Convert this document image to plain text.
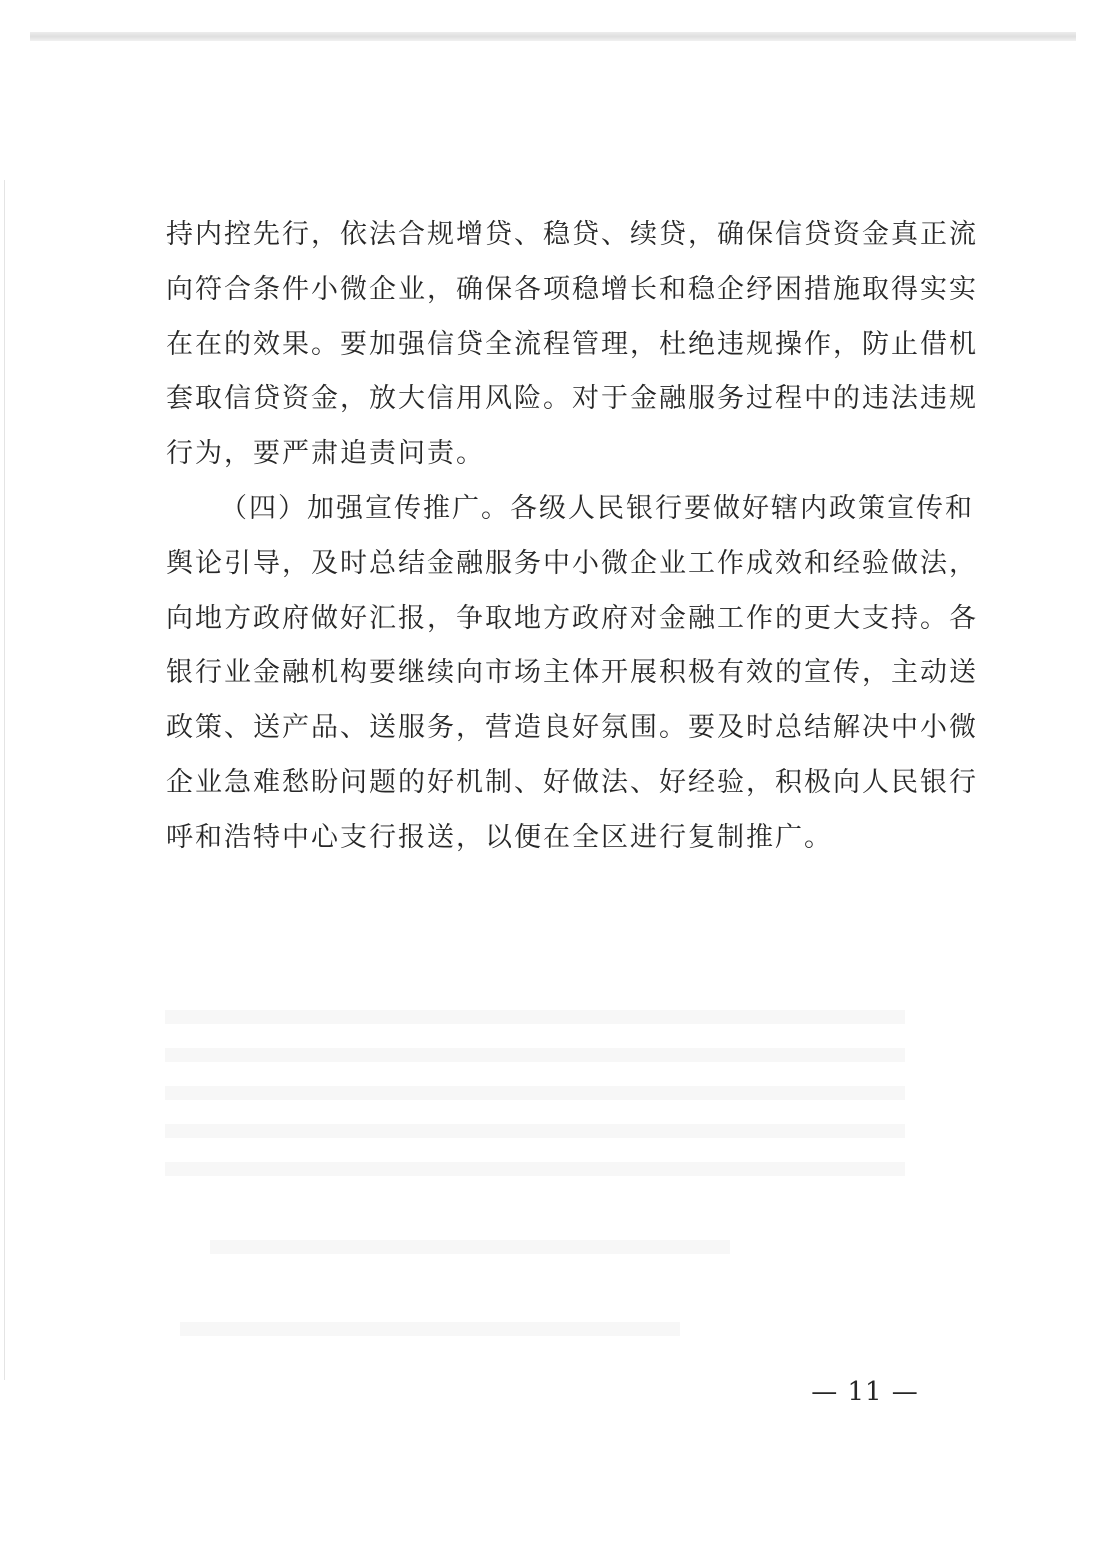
持内控先行，依法合规增贷、稳贷、续贷，确保信贷资金真正流
向符合条件小微企业，确保各项稳增长和稳企纾困措施取得实实
在在的效果。要加强信贷全流程管理，杜绝违规操作，防止借机
套取信贷资金，放大信用风险。对于金融服务过程中的违法违规
行为，要严肃追责问责。
（四）加强宣传推广。各级人民银行要做好辖内政策宣传和
舆论引导，及时总结金融服务中小微企业工作成效和经验做法，
向地方政府做好汇报，争取地方政府对金融工作的更大支持。各
银行业金融机构要继续向市场主体开展积极有效的宣传，主动送
政策、送产品、送服务，营造良好氛围。要及时总结解决中小微
企业急难愁盼问题的好机制、好做法、好经验，积极向人民银行
呼和浩特中心支行报送，以便在全区进行复制推广。
— 11 —
